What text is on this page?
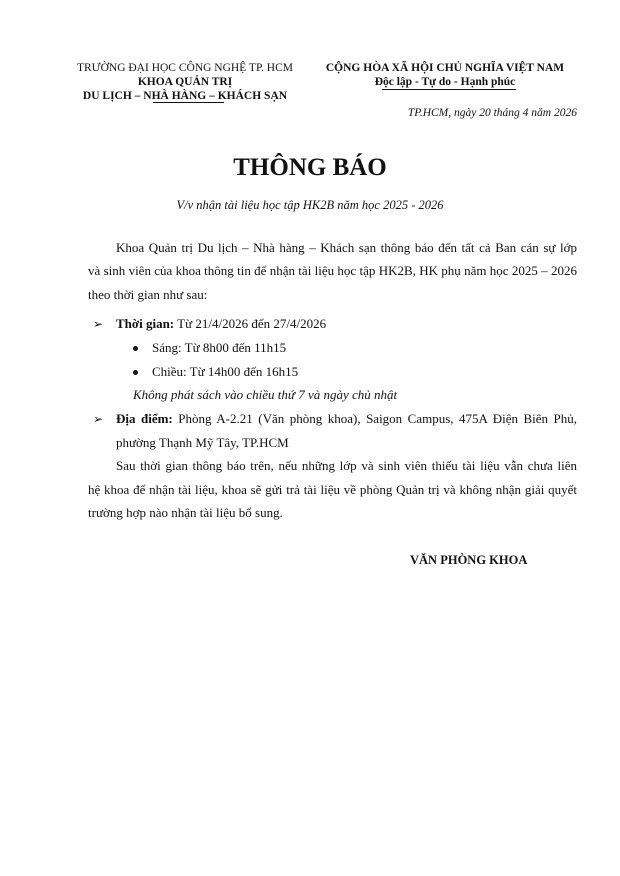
TRƯỜNG ĐẠI HỌC CÔNG NGHỆ TP. HCM
KHOA QUẢN TRỊ
DU LỊCH – NHÀ HÀNG – KHÁCH SẠN
CỘNG HÒA XÃ HỘI CHỦ NGHĨA VIỆT NAM
Độc lập - Tự do - Hạnh phúc
TP.HCM, ngày 20 tháng 4 năm 2026
THÔNG BÁO
V/v nhận tài liệu học tập HK2B năm học 2025 - 2026
Khoa Quản trị Du lịch – Nhà hàng – Khách sạn thông báo đến tất cả Ban cán sự lớp
và sinh viên của khoa thông tin để nhận tài liệu học tập HK2B, HK phụ năm học 2025 – 2026
theo thời gian như sau:
➢ Thời gian: Từ 21/4/2026 đến 27/4/2026
Sáng: Từ 8h00 đến 11h15
Chiều: Từ 14h00 đến 16h15
Không phát sách vào chiều thứ 7 và ngày chủ nhật
➢ Địa điểm: Phòng A-2.21 (Văn phòng khoa), Saigon Campus, 475A Điện Biên Phủ,
phường Thạnh Mỹ Tây, TP.HCM
Sau thời gian thông báo trên, nếu những lớp và sinh viên thiếu tài liệu vẫn chưa liên
hệ khoa để nhận tài liệu, khoa sẽ gửi trả tài liệu về phòng Quản trị và không nhận giải quyết
trường hợp nào nhận tài liệu bổ sung.
VĂN PHÒNG KHOA
